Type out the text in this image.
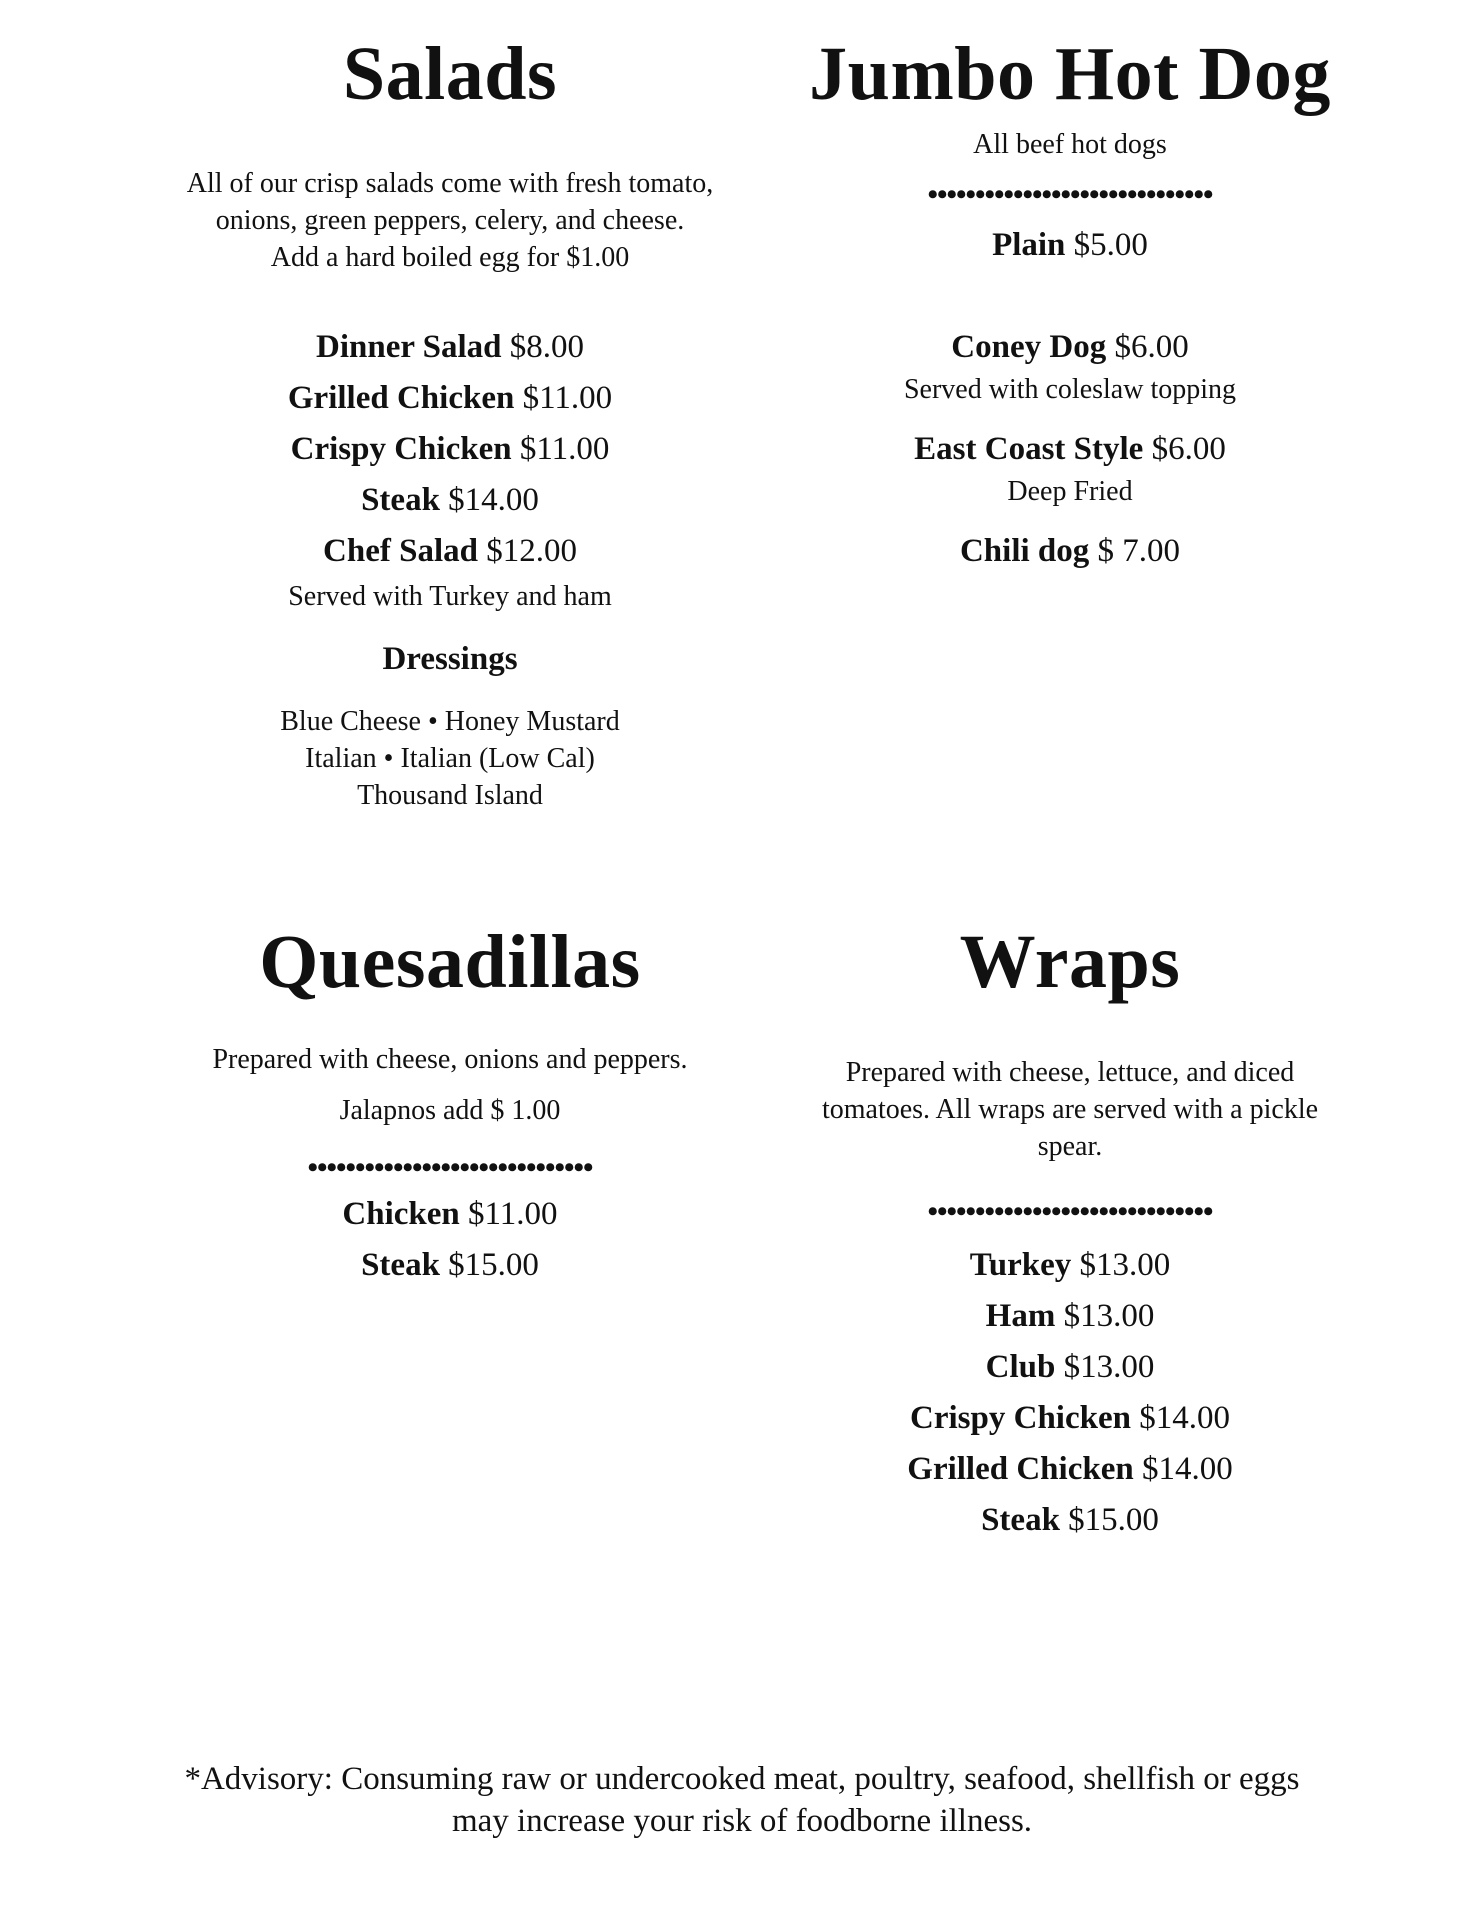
Salads
All of our crisp salads come with fresh tomato,
onions, green peppers, celery, and cheese.
Add a hard boiled egg for $1.00
Dinner Salad $8.00
Grilled Chicken $11.00
Crispy Chicken $11.00
Steak $14.00
Chef Salad $12.00
Served with Turkey and ham
Dressings
Blue Cheese • Honey Mustard
Italian • Italian (Low Cal)
Thousand Island
Jumbo Hot Dog
All beef hot dogs
••••••••••••••••••••••••••••••
Plain $5.00
Coney Dog $6.00
Served with coleslaw topping
East Coast Style $6.00
Deep Fried
Chili dog $ 7.00
Quesadillas
Prepared with cheese, onions and peppers.
Jalapnos add $ 1.00
••••••••••••••••••••••••••••••
Chicken $11.00
Steak $15.00
Wraps
Prepared with cheese, lettuce, and diced
tomatoes. All wraps are served with a pickle
spear.
••••••••••••••••••••••••••••••
Turkey $13.00
Ham $13.00
Club $13.00
Crispy Chicken $14.00
Grilled Chicken $14.00
Steak $15.00
*Advisory: Consuming raw or undercooked meat, poultry, seafood, shellfish or eggs
may increase your risk of foodborne illness.
